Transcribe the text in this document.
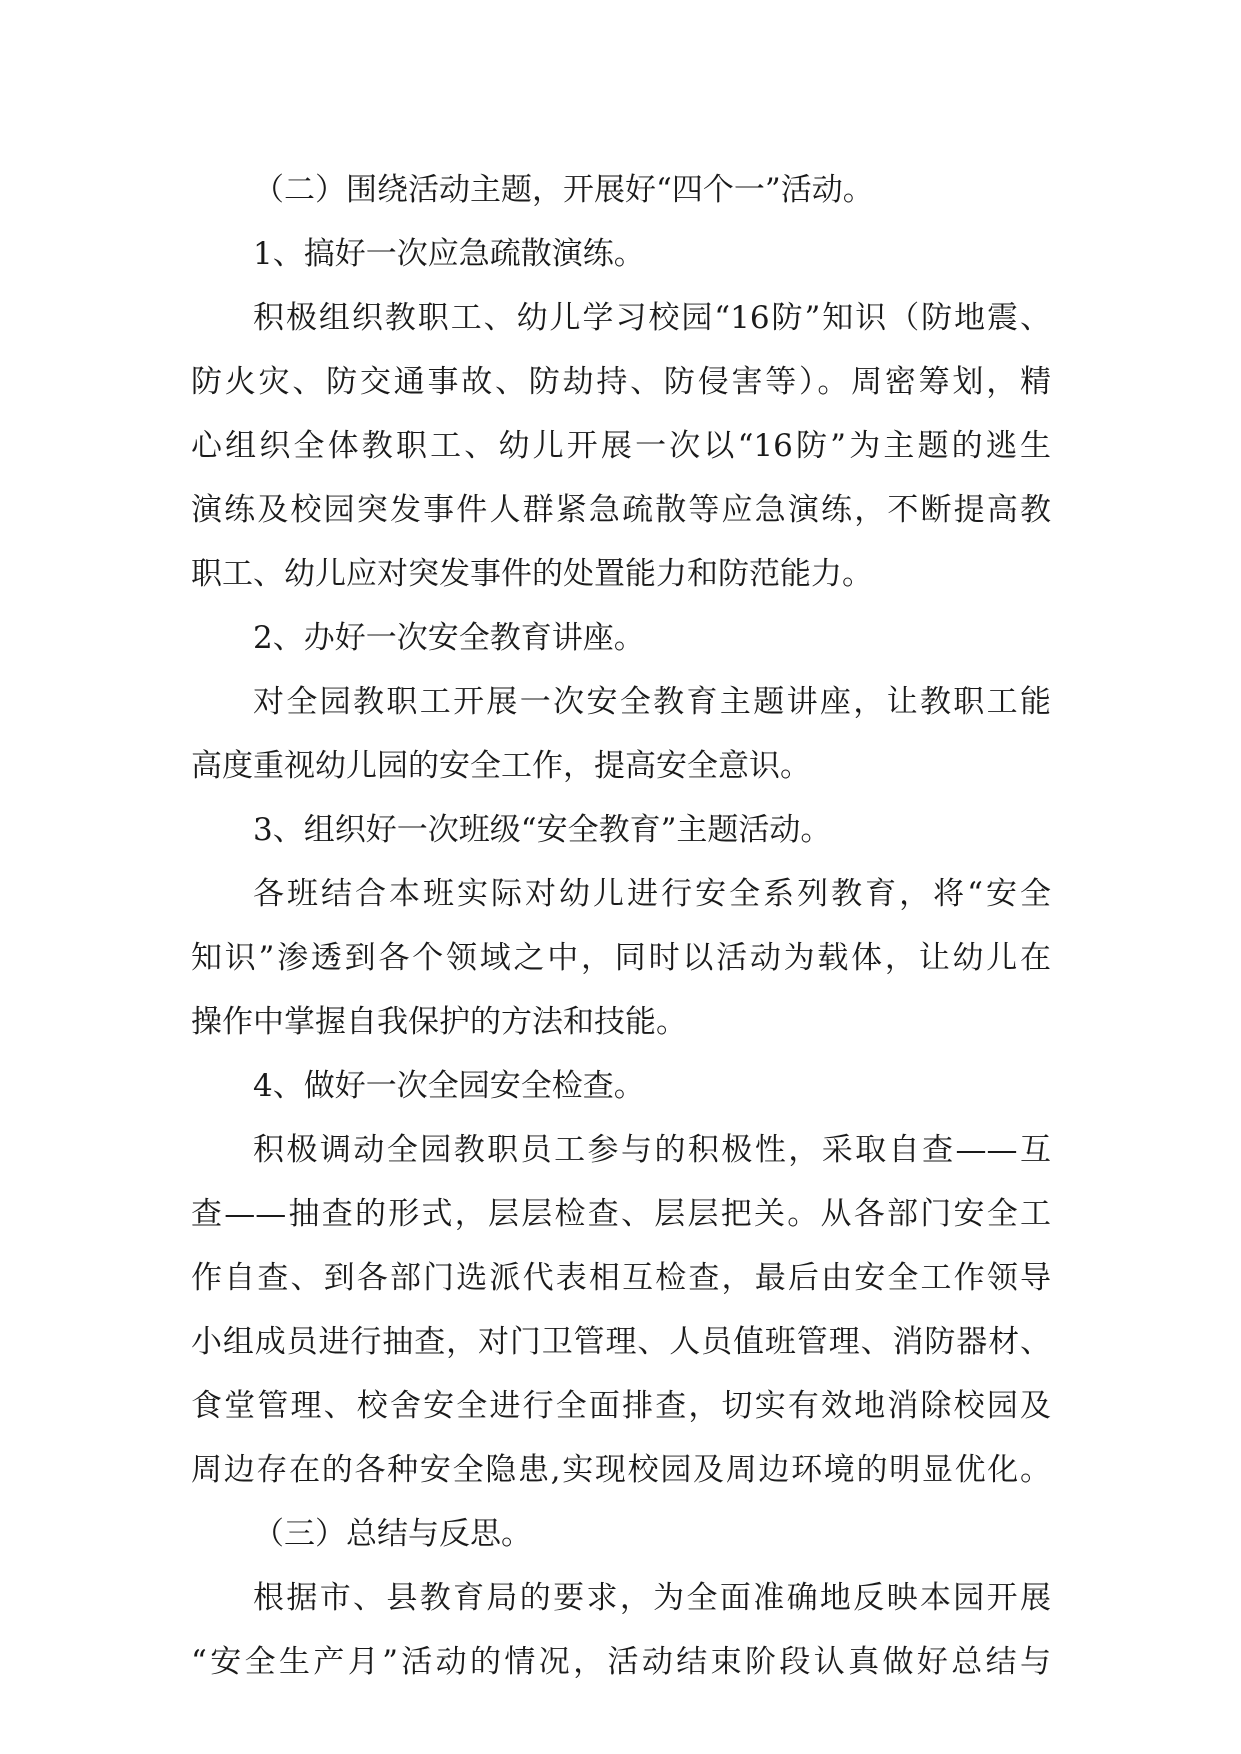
（二）围绕活动主题，开展好“四个一”活动。
1、搞好一次应急疏散演练。
积极组织教职工、幼儿学习校园“16防”知识（防地震、
防火灾、防交通事故、防劫持、防侵害等）。周密筹划，精
心组织全体教职工、幼儿开展一次以“16防”为主题的逃生
演练及校园突发事件人群紧急疏散等应急演练，不断提高教
职工、幼儿应对突发事件的处置能力和防范能力。
2、办好一次安全教育讲座。
对全园教职工开展一次安全教育主题讲座，让教职工能
高度重视幼儿园的安全工作，提高安全意识。
3、组织好一次班级“安全教育”主题活动。
各班结合本班实际对幼儿进行安全系列教育，将“安全
知识”渗透到各个领域之中，同时以活动为载体，让幼儿在
操作中掌握自我保护的方法和技能。
4、做好一次全园安全检查。
积极调动全园教职员工参与的积极性，采取自查——互
查——抽查的形式，层层检查、层层把关。从各部门安全工
作自查、到各部门选派代表相互检查，最后由安全工作领导
小组成员进行抽查，对门卫管理、人员值班管理、消防器材、
食堂管理、校舍安全进行全面排查，切实有效地消除校园及
周边存在的各种安全隐患,实现校园及周边环境的明显优化。
（三）总结与反思。
根据市、县教育局的要求，为全面准确地反映本园开展
“安全生产月”活动的情况，活动结束阶段认真做好总结与
